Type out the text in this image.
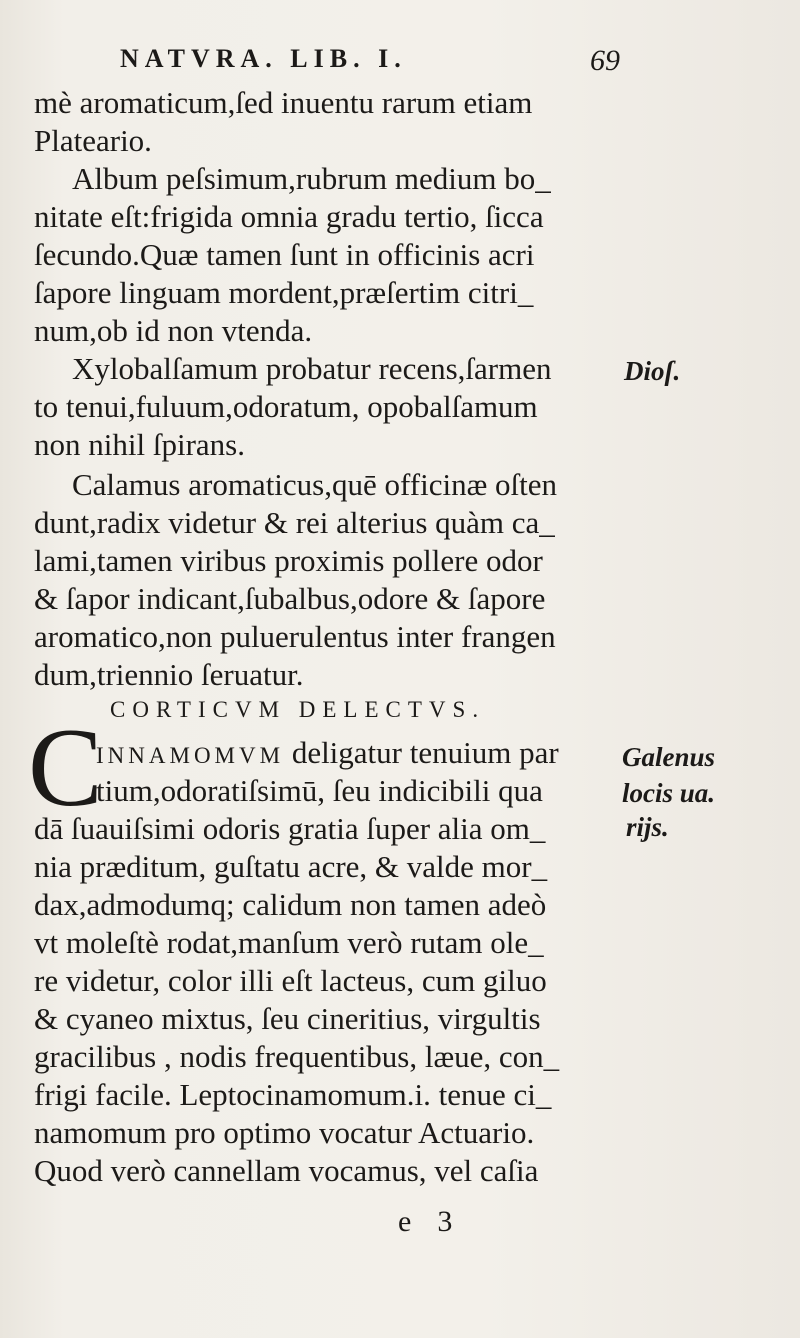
NATVRA. LIB. I.	69
mè aromaticum,ſed inuentu rarum etiam
Plateario.
Album peſsimum,rubrum medium bo_
nitate eſt:frigida omnia gradu tertio, ſicca
ſecundo.Quæ tamen ſunt in officinis acri
ſapore linguam mordent,præſertim citri_
num,ob id non vtenda.
Xylobalſamum probatur recens,ſarmen
to tenui,fuluum,odoratum, opobalſamum
non nihil ſpirans.
Calamus aromaticus,quē officinæ oſten
dunt,radix videtur & rei alterius quàm ca_
lami,tamen viribus proximis pollere odor
& ſapor indicant,ſubalbus,odore & ſapore
aromatico,non puluerulentus inter frangen
dum,triennio ſeruatur.
CORTICVM DELECTVS.
C
INNAMOMVM deligatur tenuium par
tium,odoratiſsimū, ſeu indicibili qua
dā ſuauiſsimi odoris gratia ſuper alia om_
nia præditum, guſtatu acre, & valde mor_
dax,admodumq; calidum non tamen adeò
vt moleſtè rodat,manſum verò rutam ole_
re videtur, color illi eſt lacteus, cum giluo
& cyaneo mixtus, ſeu cineritius, virgultis
gracilibus , nodis frequentibus, læue, con_
frigi facile. Leptocinamomum.i. tenue ci_
namomum pro optimo vocatur Actuario.
Quod verò cannellam vocamus, vel caſia
Dioſ.
Galenus
locis ua.
rijs.
e3
